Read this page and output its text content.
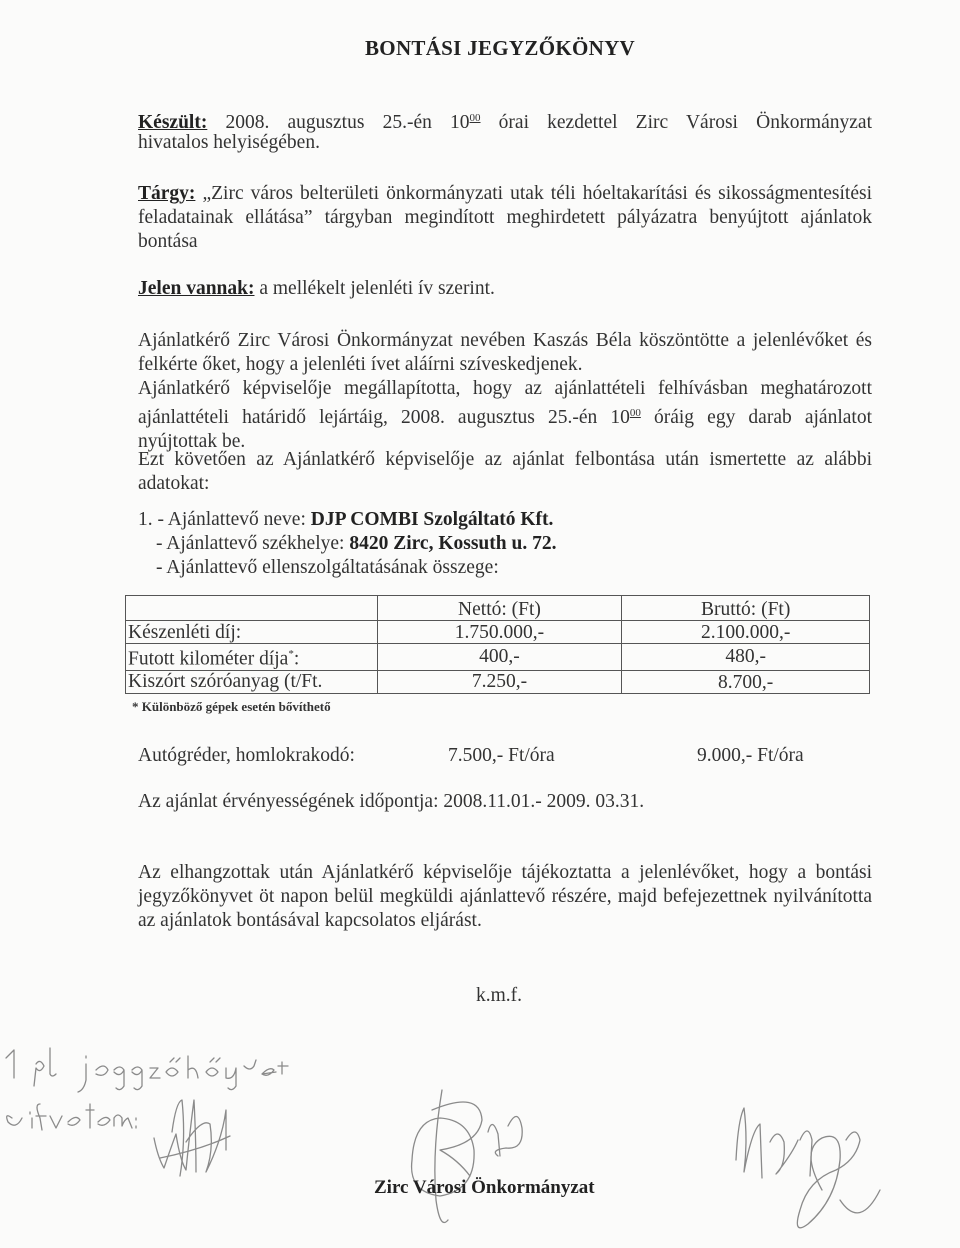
BONTÁSI JEGYZŐKÖNYV
Készült: 2008. augusztus 25.-én $10^{00}$ órai kezdettel Zirc Városi Önkormányzat
hivatalos helyiségében.

Tárgy: „Zirc város belterületi önkormányzati utak téli hóeltakarítási és sikosságmentesítési feladatainak ellátása” tárgyban megindított meghirdetett pályázatra benyújtott ajánlatok bontása

Jelen vannak: a mellékelt jelenléti ív szerint.

Ajánlatkérő Zirc Városi Önkormányzat nevében Kaszás Béla köszöntötte a jelenlévőket és felkérte őket, hogy a jelenléti ívet aláírni szíveskedjenek.

Ajánlatkérő képviselője megállapította, hogy az ajánlattételi felhívásban meghatározott ajánlattételi határidő lejártáig, 2008. augusztus 25.-én $10^{00}$ óráig egy darab ajánlatot nyújtottak be.

Ezt követően az Ajánlatkérő képviselője az ajánlat felbontása után ismertette az alábbi adatokat:

1. - Ajánlattevő neve: DJP COMBI Szolgáltató Kft.
- Ajánlattevő székhelye: 8420 Zirc, Kossuth u. 72.
- Ajánlattevő ellenszolgáltatásának összege:
	Nettó: (Ft)	Bruttó: (Ft)
Készenléti díj:	1.750.000,-	2.100.000,-
Futott kilométer díja*:	400,-	480,-
Kiszórt szóróanyag (t/Ft.	7.250,-	8.700,-
* Különböző gépek esetén bővíthető
Autógréder, homlokrakodó:	7.500,- Ft/óra	9.000,- Ft/óra
Az ajánlat érvényességének időpontja: 2008.11.01.- 2009. 03.31.

Az elhangzottak után Ajánlatkérő képviselője tájékoztatta a jelenlévőket, hogy a bontási jegyzőkönyvet öt napon belül megküldi ajánlattevő részére, majd befejezettnek nyilvánította az ajánlatok bontásával kapcsolatos eljárást.

k.m.f.
Zirc Városi Önkormányzat
